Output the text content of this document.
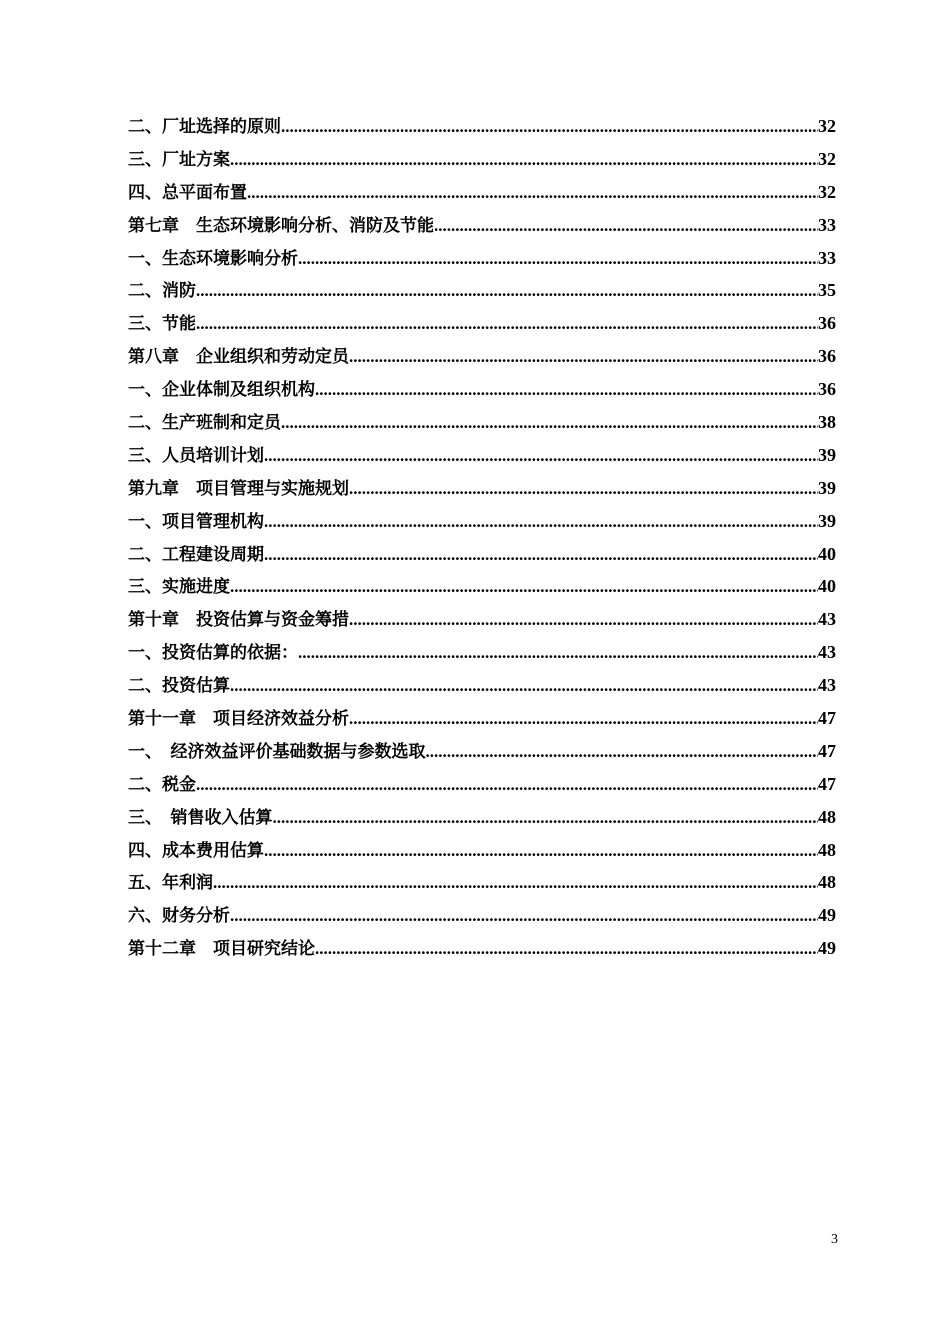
二、厂址选择的原则 .....	32
三、厂址方案 .....	32
四、总平面布置 .....	32
第七章　生态环境影响分析、消防及节能 .....	33
一、生态环境影响分析 .....	33
二、消防 .....	35
三、节能 .....	36
第八章　企业组织和劳动定员 .....	36
一、企业体制及组织机构 .....	36
二、生产班制和定员 .....	38
三、人员培训计划 .....	39
第九章　项目管理与实施规划 .....	39
一、项目管理机构 .....	39
二、工程建设周期 .....	40
三、实施进度 .....	40
第十章　投资估算与资金筹措 .....	43
一、投资估算的依据： .....	43
二、投资估算 .....	43
第十一章　项目经济效益分析 .....	47
一、　经济效益评价基础数据与参数选取 .....	47
二、税金 .....	47
三、　销售收入估算 .....	48
四、成本费用估算 .....	48
五、年利润 .....	48
六、财务分析 .....	49
第十二章　项目研究结论 .....	49
3
